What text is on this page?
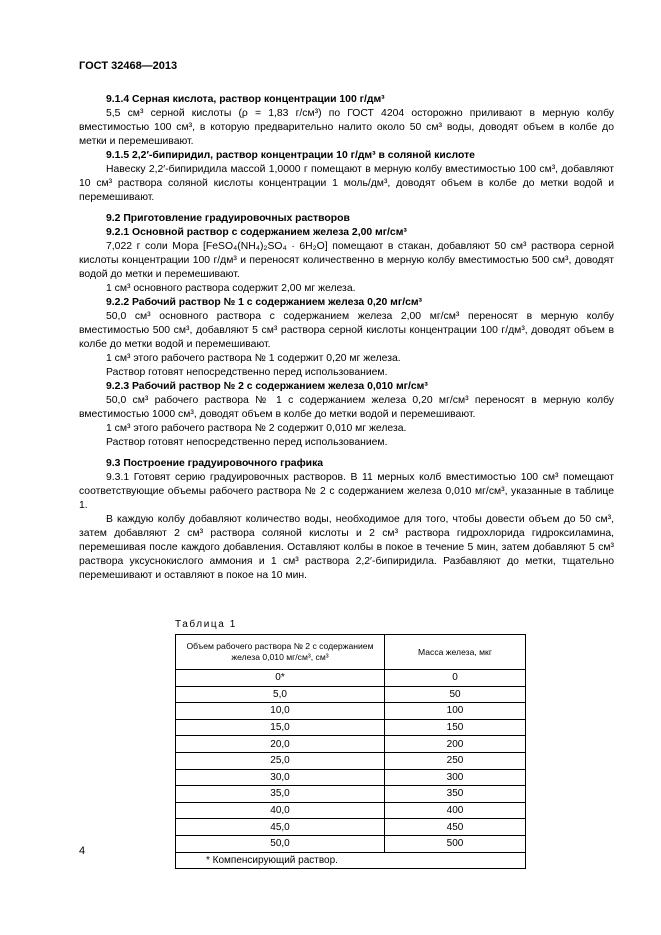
ГОСТ 32468—2013
9.1.4 Серная кислота, раствор концентрации 100 г/дм³
5,5 см³ серной кислоты (ρ = 1,83 г/см³) по ГОСТ 4204 осторожно приливают в мерную колбу вместимостью 100 см³, в которую предварительно налито около 50 см³ воды, доводят объем в колбе до метки и перемешивают.
9.1.5 2,2′-бипиридил, раствор концентрации 10 г/дм³ в соляной кислоте
Навеску 2,2′-бипиридила массой 1,0000 г помещают в мерную колбу вместимостью 100 см³, добавляют 10 см³ раствора соляной кислоты концентрации 1 моль/дм³, доводят объем в колбе до метки водой и перемешивают.
9.2 Приготовление градуировочных растворов
9.2.1 Основной раствор с содержанием железа 2,00 мг/см³
7,022 г соли Мора [FeSO₄(NH₄)₂SO₄ · 6H₂O] помещают в стакан, добавляют 50 см³ раствора серной кислоты концентрации 100 г/дм³ и переносят количественно в мерную колбу вместимостью 500 см³, доводят водой до метки и перемешивают.
1 см³ основного раствора содержит 2,00 мг железа.
9.2.2 Рабочий раствор № 1 с содержанием железа 0,20 мг/см³
50,0 см³ основного раствора с содержанием железа 2,00 мг/см³ переносят в мерную колбу вместимостью 500 см³, добавляют 5 см³ раствора серной кислоты концентрации 100 г/дм³, доводят объем в колбе до метки водой и перемешивают.
1 см³ этого рабочего раствора № 1 содержит 0,20 мг железа.
Раствор готовят непосредственно перед использованием.
9.2.3 Рабочий раствор № 2 с содержанием железа 0,010 мг/см³
50,0 см³ рабочего раствора № 1 с содержанием железа 0,20 мг/см³ переносят в мерную колбу вместимостью 1000 см³, доводят объем в колбе до метки водой и перемешивают.
1 см³ этого рабочего раствора № 2 содержит 0,010 мг железа.
Раствор готовят непосредственно перед использованием.
9.3 Построение градуировочного графика
9.3.1 Готовят серию градуировочных растворов. В 11 мерных колб вместимостью 100 см³ помещают соответствующие объемы рабочего раствора № 2 с содержанием железа 0,010 мг/см³, указанные в таблице 1.
В каждую колбу добавляют количество воды, необходимое для того, чтобы довести объем до 50 см³, затем добавляют 2 см³ раствора соляной кислоты и 2 см³ раствора гидрохлорида гидроксиламина, перемешивая после каждого добавления. Оставляют колбы в покое в течение 5 мин, затем добавляют 5 см³ раствора уксуснокислого аммония и 1 см³ раствора 2,2′-бипиридила. Разбавляют до метки, тщательно перемешивают и оставляют в покое на 10 мин.
Таблица 1
Объем рабочего раствора № 2 с содержанием железа 0,010 мг/см³, см³	Масса железа, мкг
0*	0
5,0	50
10,0	100
15,0	150
20,0	200
25,0	250
30,0	300
35,0	350
40,0	400
45,0	450
50,0	500
* Компенсирующий раствор.	
4
